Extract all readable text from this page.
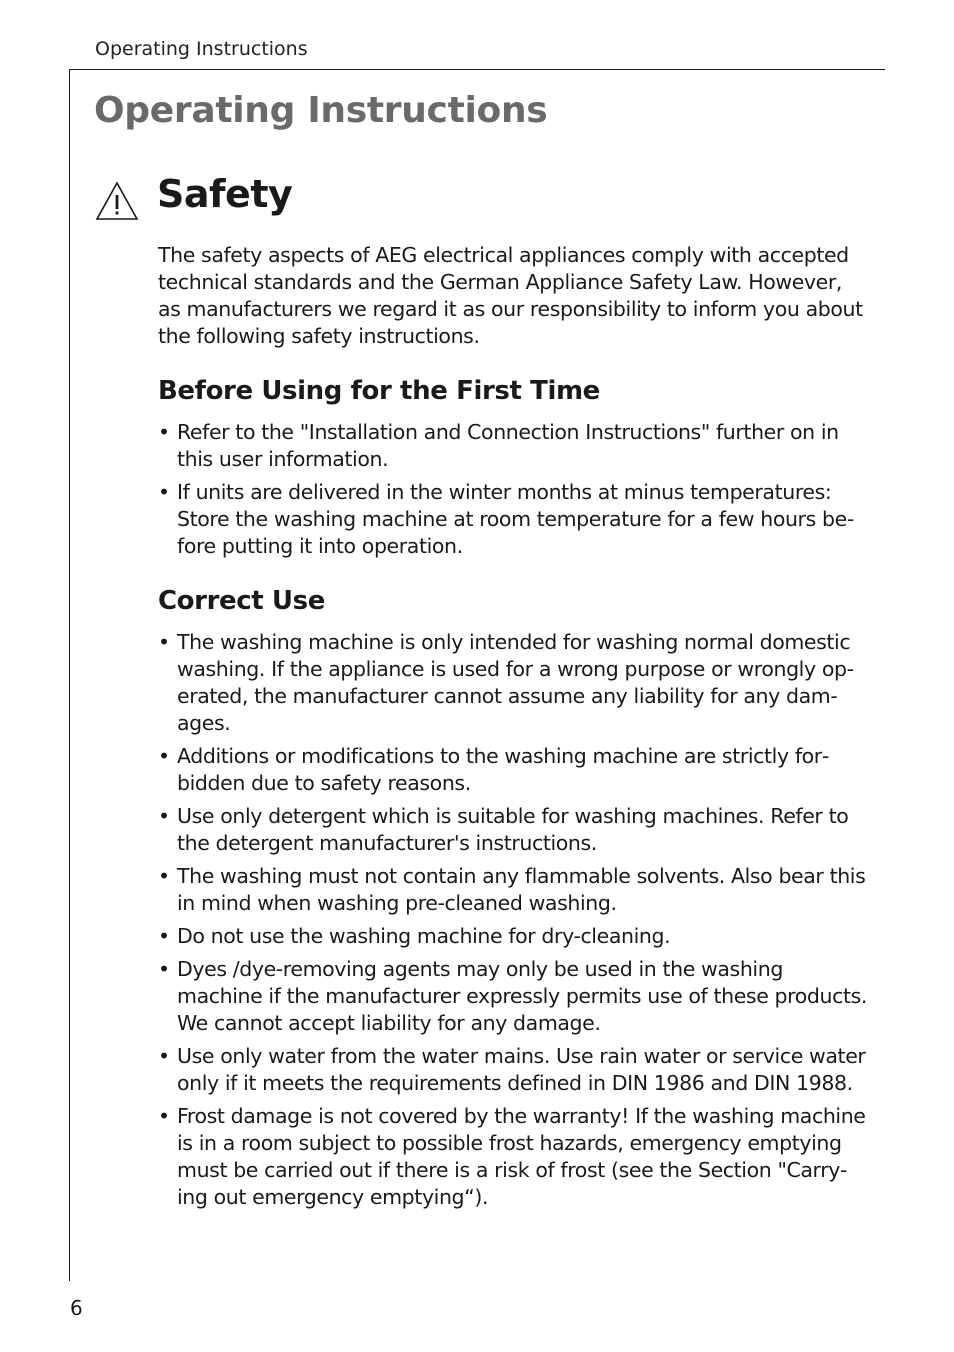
Operating Instructions
Operating Instructions
Safety

The safety aspects of AEG electrical appliances comply with accepted technical standards and the German Appliance Safety Law. However, as manufacturers we regard it as our responsibility to inform you about the following safety instructions.

Before Using for the First Time
• Refer to the "Installation and Connection Instructions" further on in this user information.
• If units are delivered in the winter months at minus temperatures: Store the washing machine at room temperature for a few hours before putting it into operation.
Correct Use
• The washing machine is only intended for washing normal domestic washing. If the appliance is used for a wrong purpose or wrongly operated, the manufacturer cannot assume any liability for any damages.
• Additions or modifications to the washing machine are strictly forbidden due to safety reasons.
• Use only detergent which is suitable for washing machines. Refer to the detergent manufacturer's instructions.
• The washing must not contain any flammable solvents. Also bear this in mind when washing pre-cleaned washing.
• Do not use the washing machine for dry-cleaning.
• Dyes /dye-removing agents may only be used in the washing machine if the manufacturer expressly permits use of these products. We cannot accept liability for any damage.
• Use only water from the water mains. Use rain water or service water only if it meets the requirements defined in DIN 1986 and DIN 1988.
• Frost damage is not covered by the warranty! If the washing machine is in a room subject to possible frost hazards, emergency emptying must be carried out if there is a risk of frost (see the Section "Carrying out emergency emptying“).
6
